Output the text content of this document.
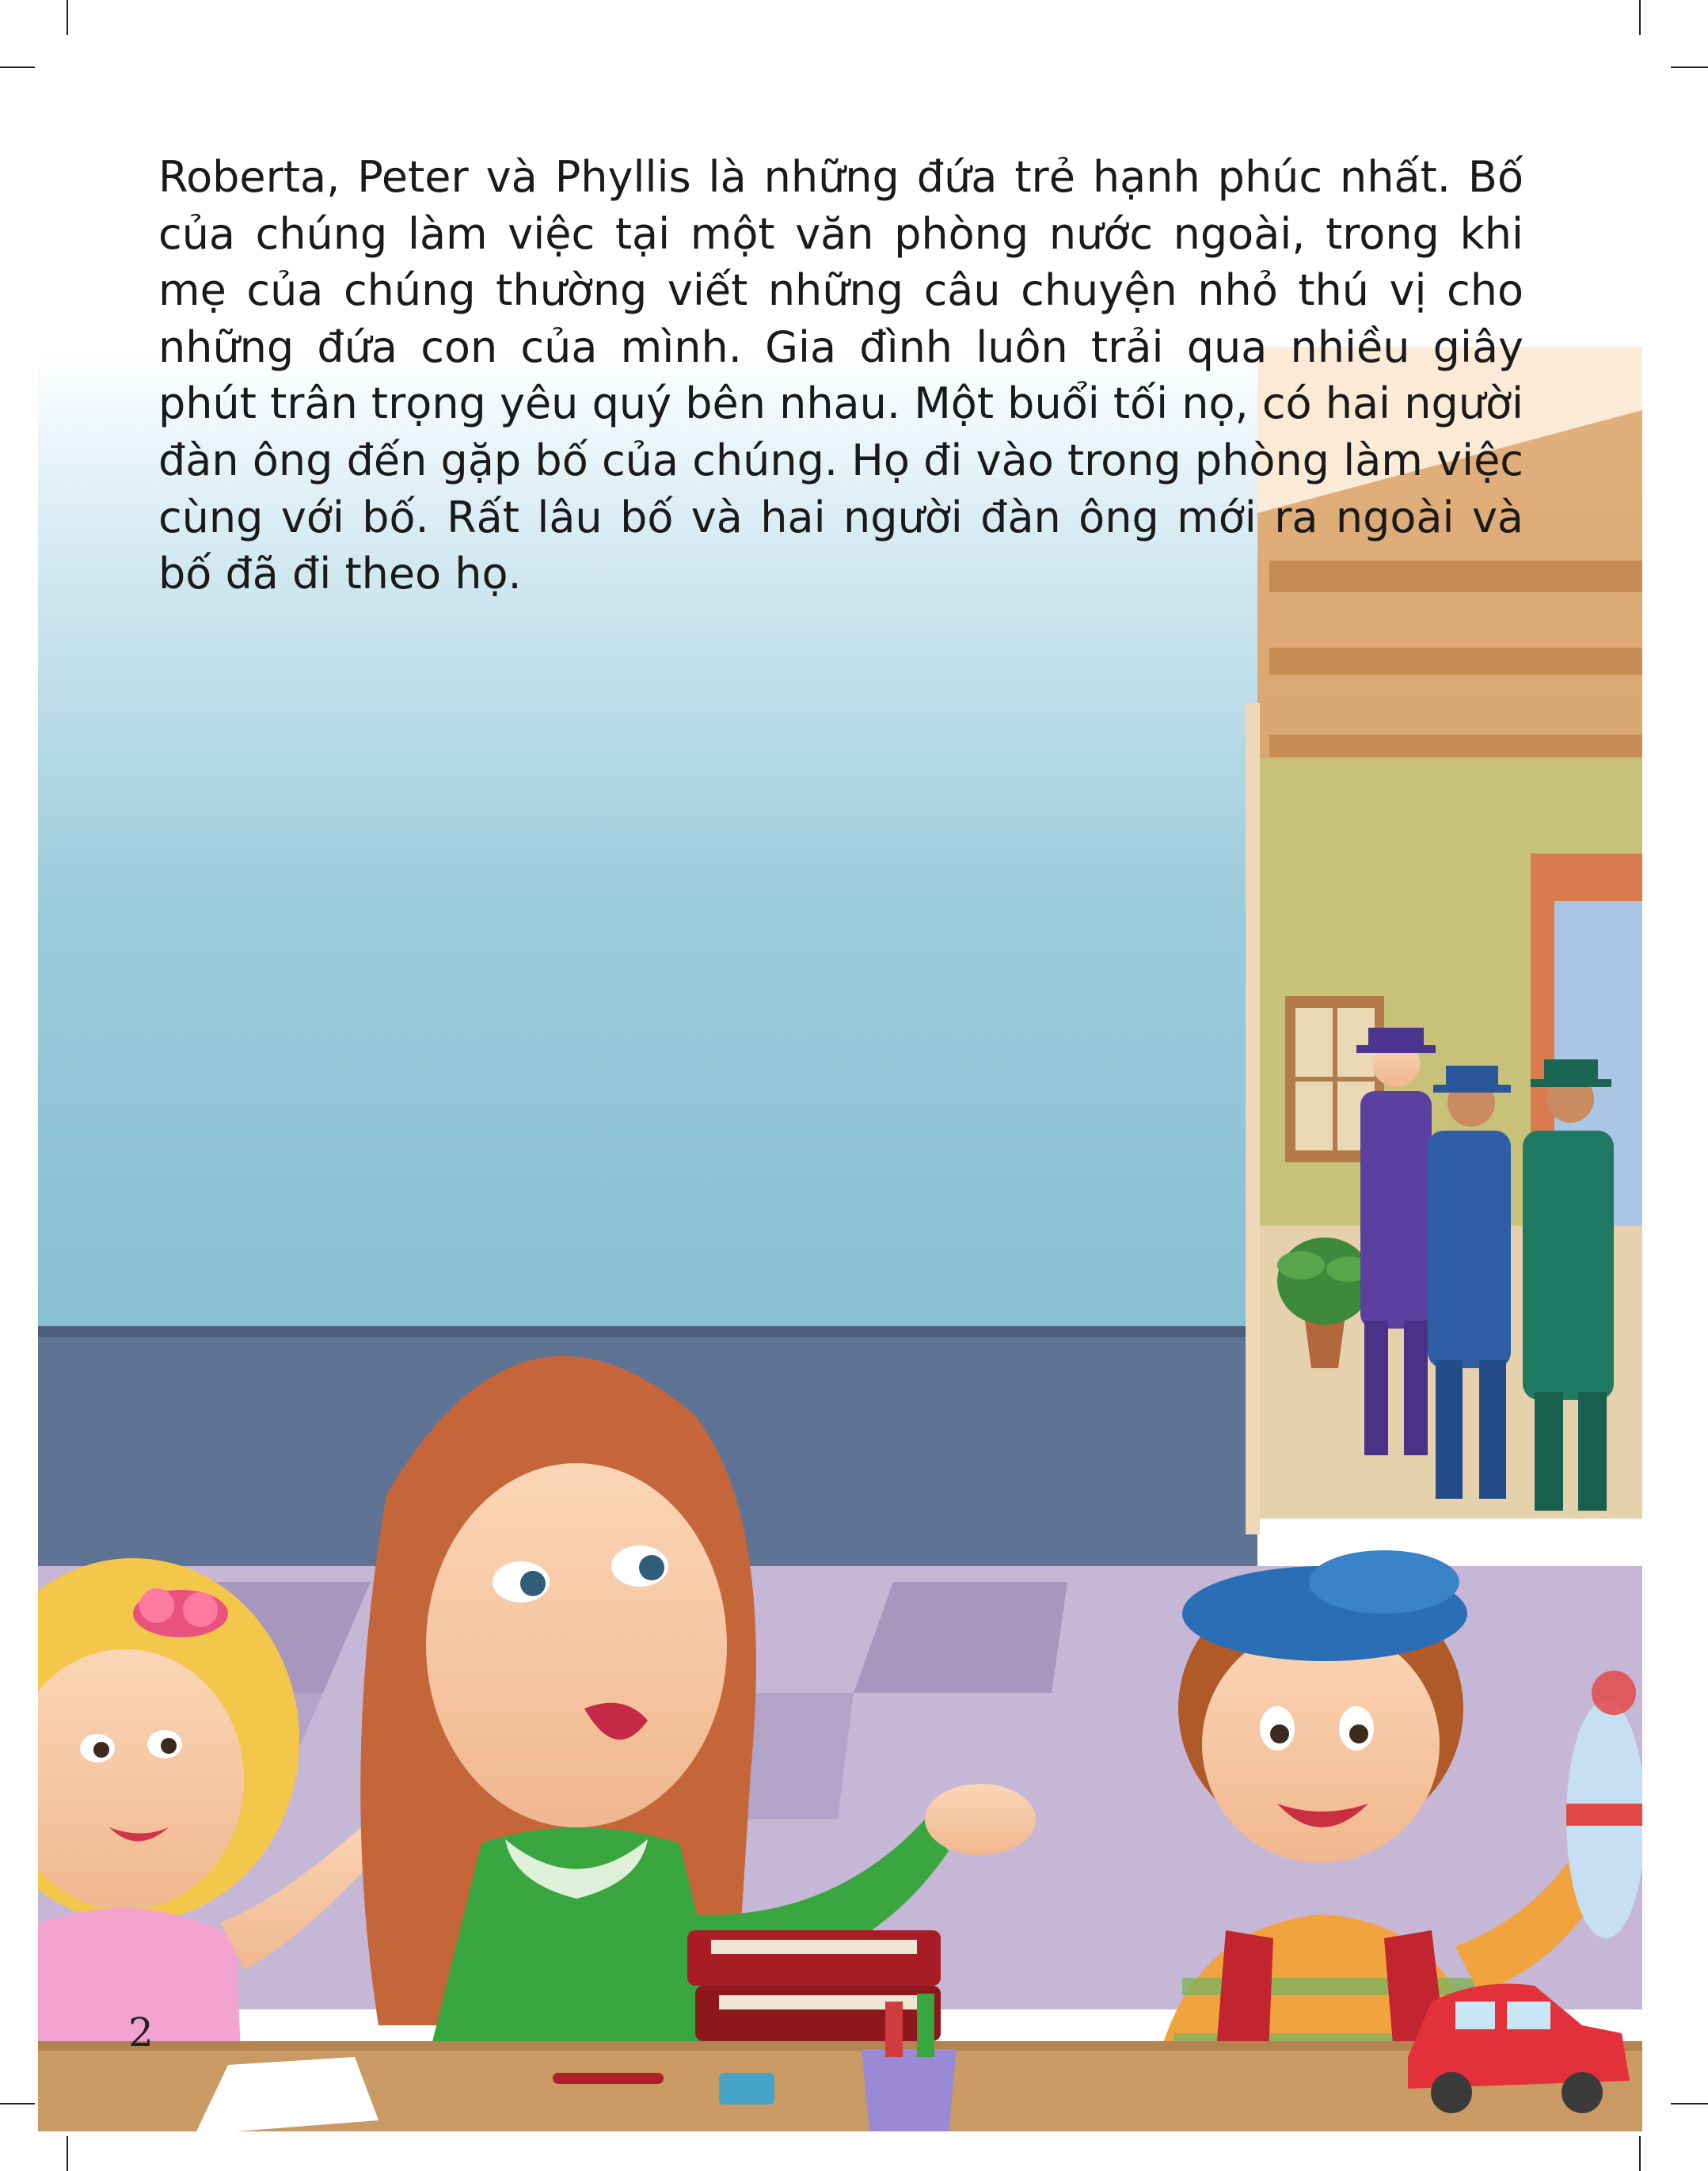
Roberta, Peter và Phyllis là những đứa trẻ hạnh phúc nhất. Bố của chúng làm việc tại một văn phòng nước ngoài, trong khi mẹ của chúng thường viết những câu chuyện nhỏ thú vị cho những đứa con của mình. Gia đình luôn trải qua nhiều giây phút trân trọng yêu quý bên nhau. Một buổi tối nọ, có hai người đàn ông đến gặp bố của chúng. Họ đi vào trong phòng làm việc cùng với bố. Rất lâu bố và hai người đàn ông mới ra ngoài và bố đã đi theo họ.

2
